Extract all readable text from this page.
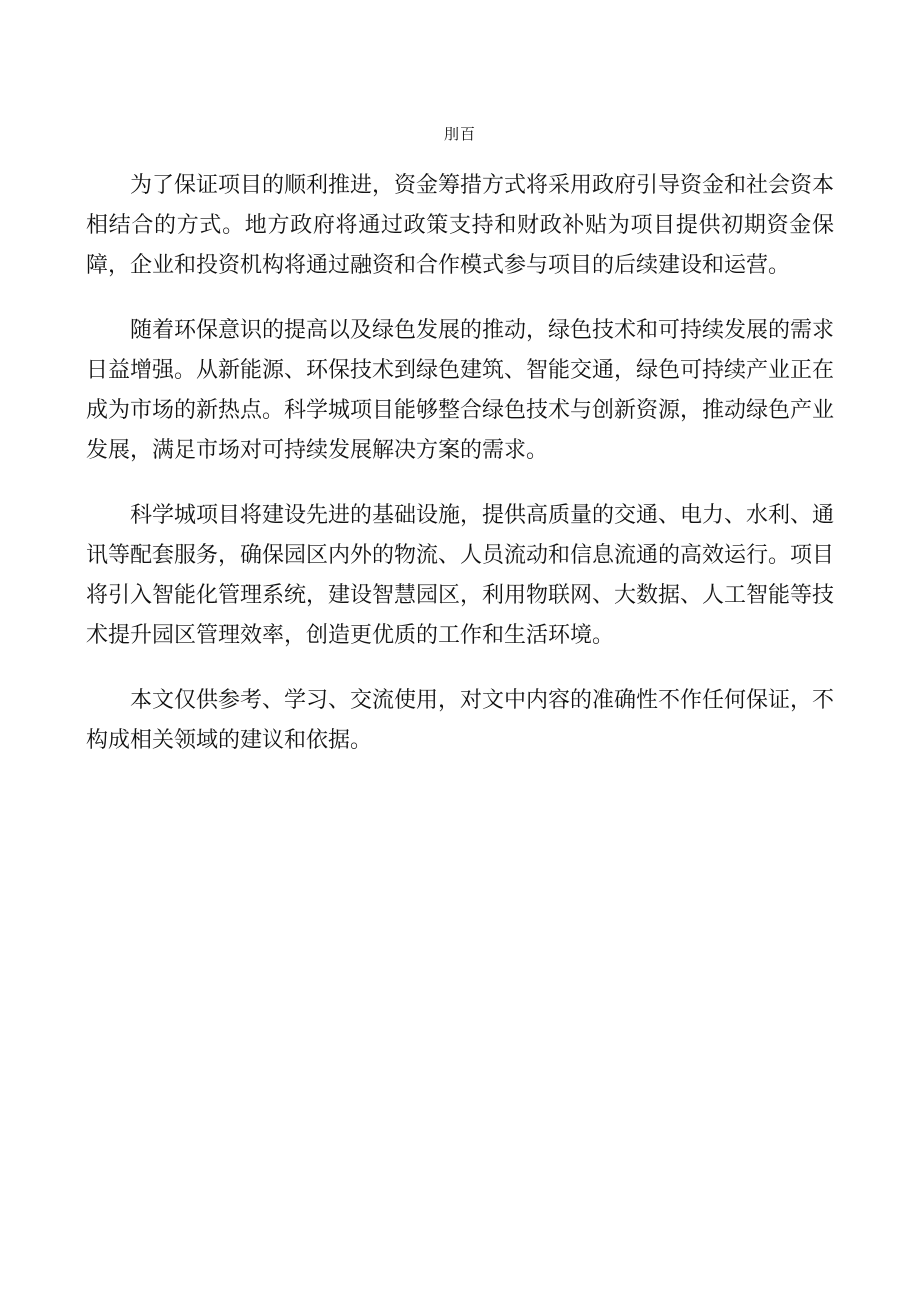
刖百

为了保证项目的顺利推进，资金筹措方式将采用政府引导资金和社会资本相结合的方式。地方政府将通过政策支持和财政补贴为项目提供初期资金保障，企业和投资机构将通过融资和合作模式参与项目的后续建设和运营。

随着环保意识的提高以及绿色发展的推动，绿色技术和可持续发展的需求日益增强。从新能源、环保技术到绿色建筑、智能交通，绿色可持续产业正在成为市场的新热点。科学城项目能够整合绿色技术与创新资源，推动绿色产业发展，满足市场对可持续发展解决方案的需求。

科学城项目将建设先进的基础设施，提供高质量的交通、电力、水利、通讯等配套服务，确保园区内外的物流、人员流动和信息流通的高效运行。项目将引入智能化管理系统，建设智慧园区，利用物联网、大数据、人工智能等技术提升园区管理效率，创造更优质的工作和生活环境。

本文仅供参考、学习、交流使用，对文中内容的准确性不作任何保证，不构成相关领域的建议和依据。
